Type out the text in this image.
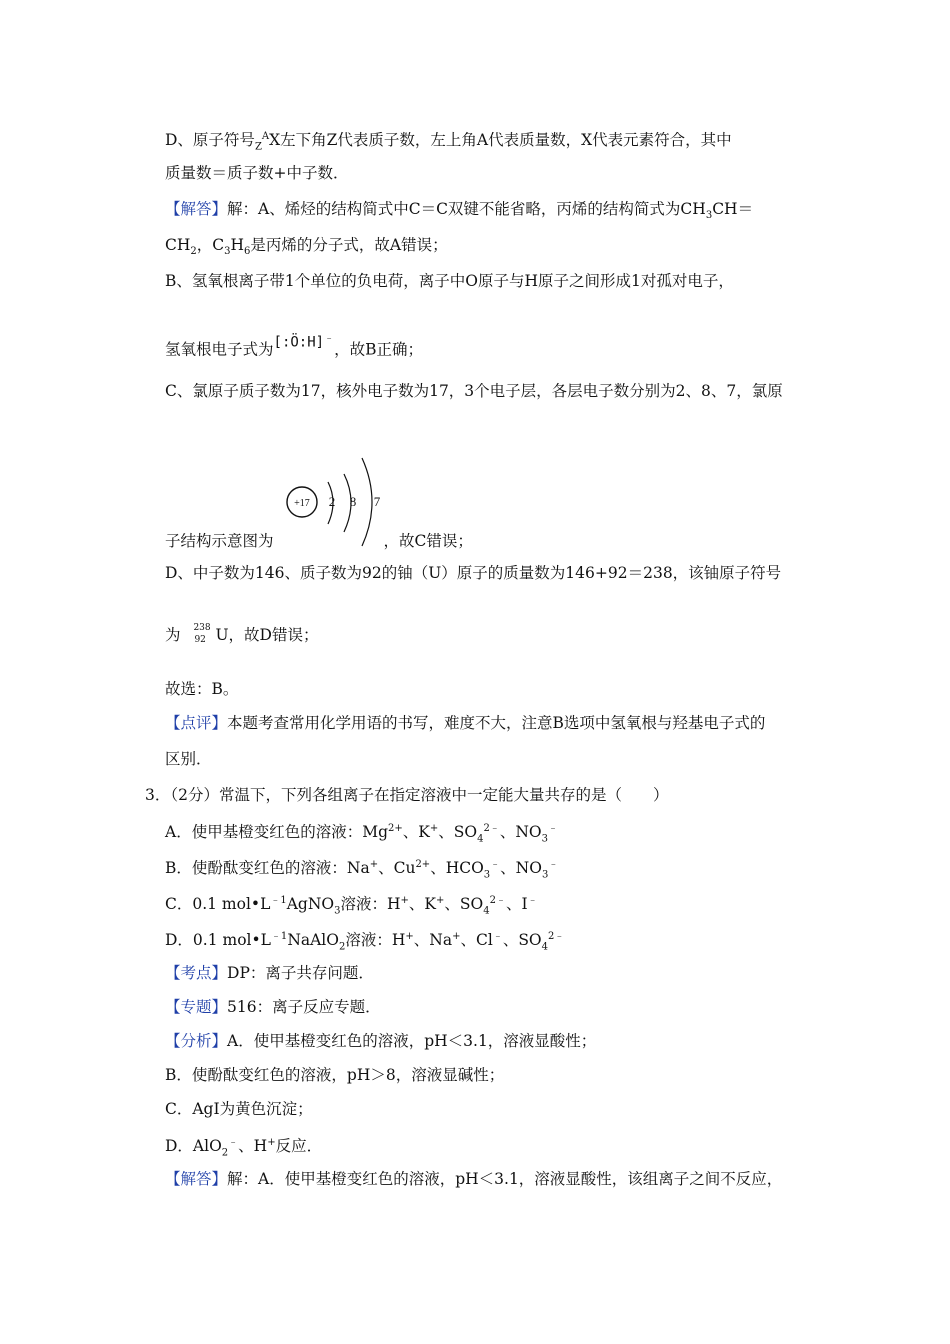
D、原子符号$_Z^A$X左下角Z代表质子数，左上角A代表质量数，X代表元素符合，其中
质量数＝质子数+中子数．
【解答】解：A、烯烃的结构简式中C＝C双键不能省略，丙烯的结构简式为$CH_3CH=$
$CH_2$，$C_3H_6$是丙烯的分子式，故A错误；
B、氢氧根离子带1个单位的负电荷，离子中O原子与H原子之间形成1对孤对电子，
氢氧根电子式为[:Ö:H]﹣，故B正确；
C、氯原子质子数为17，核外电子数为17，3个电子层，各层电子数分别为2、8、7，氯原
+17 2 8 7
子结构示意图为	，故C错误；
D、中子数为146、质子数为92的铀（U）原子的质量数为146+92＝238，该铀原子符号
为 238
92 U，故D错误；
故选：B。
【点评】本题考查常用化学用语的书写，难度不大，注意B选项中氢氧根与羟基电子式的
区别．
3．（2分）常温下，下列各组离子在指定溶液中一定能大量共存的是（　　）
A．使甲基橙变红色的溶液：$Mg^{2+}$、K+、$SO_4^{2﹣}$、$NO_3^﹣$
B．使酚酞变红色的溶液：Na+、$Cu^{2+}$、$HCO_3^﹣$、$NO_3^﹣$
C．0.1 $mol•L^{﹣1}AgNO_3$溶液：H+、K+、$SO_4^{2﹣}$、I﹣
D．0.1 $mol•L^{﹣1}NaAlO_2$溶液：H+、Na+、Cl﹣、$SO_4^{2﹣}$
【考点】DP：离子共存问题．
【专题】516：离子反应专题．
【分析】A．使甲基橙变红色的溶液，pH＜3.1，溶液显酸性；
B．使酚酞变红色的溶液，pH＞8，溶液显碱性；
C．AgI为黄色沉淀；
D．AlO$_2$﹣、H+反应．
【解答】解：A．使甲基橙变红色的溶液，pH＜3.1，溶液显酸性，该组离子之间不反应，
